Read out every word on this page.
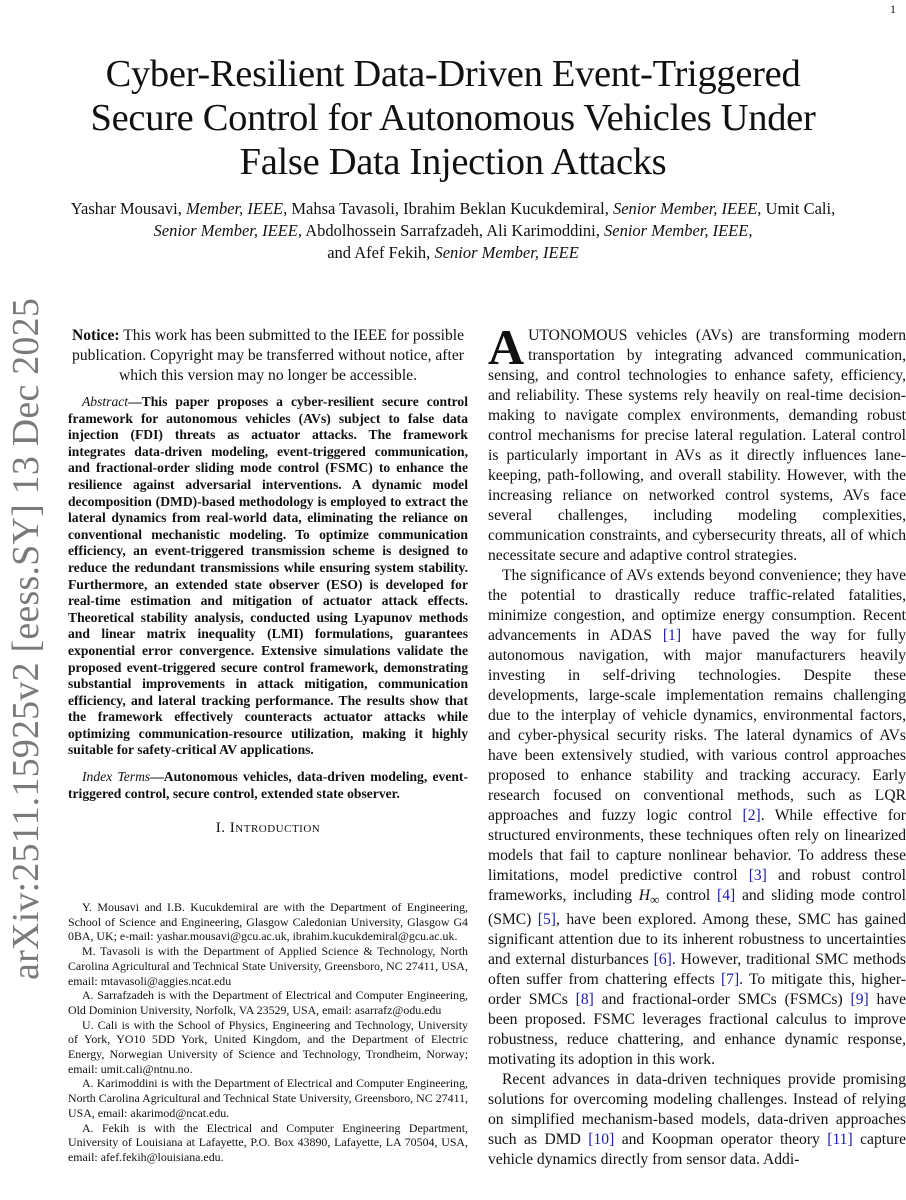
1
arXiv:2511.15925v2 [eess.SY] 13 Dec 2025
Cyber-Resilient Data-Driven Event-Triggered Secure Control for Autonomous Vehicles Under False Data Injection Attacks
Yashar Mousavi, Member, IEEE, Mahsa Tavasoli, Ibrahim Beklan Kucukdemiral, Senior Member, IEEE, Umit Cali, Senior Member, IEEE, Abdolhossein Sarrafzadeh, Ali Karimoddini, Senior Member, IEEE,
and Afef Fekih, Senior Member, IEEE

Notice: This work has been submitted to the IEEE for possible publication. Copyright may be transferred without notice, after which this version may no longer be accessible.

Abstract—This paper proposes a cyber-resilient secure control framework for autonomous vehicles (AVs) subject to false data injection (FDI) threats as actuator attacks. The framework integrates data-driven modeling, event-triggered communication, and fractional-order sliding mode control (FSMC) to enhance the resilience against adversarial interventions. A dynamic model decomposition (DMD)-based methodology is employed to extract the lateral dynamics from real-world data, eliminating the reliance on conventional mechanistic modeling. To optimize communication efficiency, an event-triggered transmission scheme is designed to reduce the redundant transmissions while ensuring system stability. Furthermore, an extended state observer (ESO) is developed for real-time estimation and mitigation of actuator attack effects. Theoretical stability analysis, conducted using Lyapunov methods and linear matrix inequality (LMI) formulations, guarantees exponential error convergence. Extensive simulations validate the proposed event-triggered secure control framework, demonstrating substantial improvements in attack mitigation, communication efficiency, and lateral tracking performance. The results show that the framework effectively counteracts actuator attacks while optimizing communication-resource utilization, making it highly suitable for safety-critical AV applications.

Index Terms—Autonomous vehicles, data-driven modeling, event-triggered control, secure control, extended state observer.

I. Introduction

Y. Mousavi and I.B. Kucukdemiral are with the Department of Engineering, School of Science and Engineering, Glasgow Caledonian University, Glasgow G4 0BA, UK; e-mail: yashar.mousavi@gcu.ac.uk, ibrahim.kucukdemiral@gcu.ac.uk.

M. Tavasoli is with the Department of Applied Science & Technology, North Carolina Agricultural and Technical State University, Greensboro, NC 27411, USA, email: mtavasoli@aggies.ncat.edu

A. Sarrafzadeh is with the Department of Electrical and Computer Engineering, Old Dominion University, Norfolk, VA 23529, USA, email: asarrafz@odu.edu

U. Cali is with the School of Physics, Engineering and Technology, University of York, YO10 5DD York, United Kingdom, and the Department of Electric Energy, Norwegian University of Science and Technology, Trondheim, Norway; email: umit.cali@ntnu.no.

A. Karimoddini is with the Department of Electrical and Computer Engineering, North Carolina Agricultural and Technical State University, Greensboro, NC 27411, USA, email: akarimod@ncat.edu.

A. Fekih is with the Electrical and Computer Engineering Department, University of Louisiana at Lafayette, P.O. Box 43890, Lafayette, LA 70504, USA, email: afef.fekih@louisiana.edu.

AUTONOMOUS vehicles (AVs) are transforming modern transportation by integrating advanced communication, sensing, and control technologies to enhance safety, efficiency, and reliability. These systems rely heavily on real-time decision-making to navigate complex environments, demanding robust control mechanisms for precise lateral regulation. Lateral control is particularly important in AVs as it directly influences lane-keeping, path-following, and overall stability. However, with the increasing reliance on networked control systems, AVs face several challenges, including modeling complexities, communication constraints, and cybersecurity threats, all of which necessitate secure and adaptive control strategies.

The significance of AVs extends beyond convenience; they have the potential to drastically reduce traffic-related fatalities, minimize congestion, and optimize energy consumption. Recent advancements in ADAS [1] have paved the way for fully autonomous navigation, with major manufacturers heavily investing in self-driving technologies. Despite these developments, large-scale implementation remains challenging due to the interplay of vehicle dynamics, environmental factors, and cyber-physical security risks. The lateral dynamics of AVs have been extensively studied, with various control approaches proposed to enhance stability and tracking accuracy. Early research focused on conventional methods, such as LQR approaches and fuzzy logic control [2]. While effective for structured environments, these techniques often rely on linearized models that fail to capture nonlinear behavior. To address these limitations, model predictive control [3] and robust control frameworks, including $H_\infty$ control [4] and sliding mode control (SMC) [5], have been explored. Among these, SMC has gained significant attention due to its inherent robustness to uncertainties and external disturbances [6]. However, traditional SMC methods often suffer from chattering effects [7]. To mitigate this, higher-order SMCs [8] and fractional-order SMCs (FSMCs) [9] have been proposed. FSMC leverages fractional calculus to improve robustness, reduce chattering, and enhance dynamic response, motivating its adoption in this work.

Recent advances in data-driven techniques provide promising solutions for overcoming modeling challenges. Instead of relying on simplified mechanism-based models, data-driven approaches such as DMD [10] and Koopman operator theory [11] capture vehicle dynamics directly from sensor data. Addi-
